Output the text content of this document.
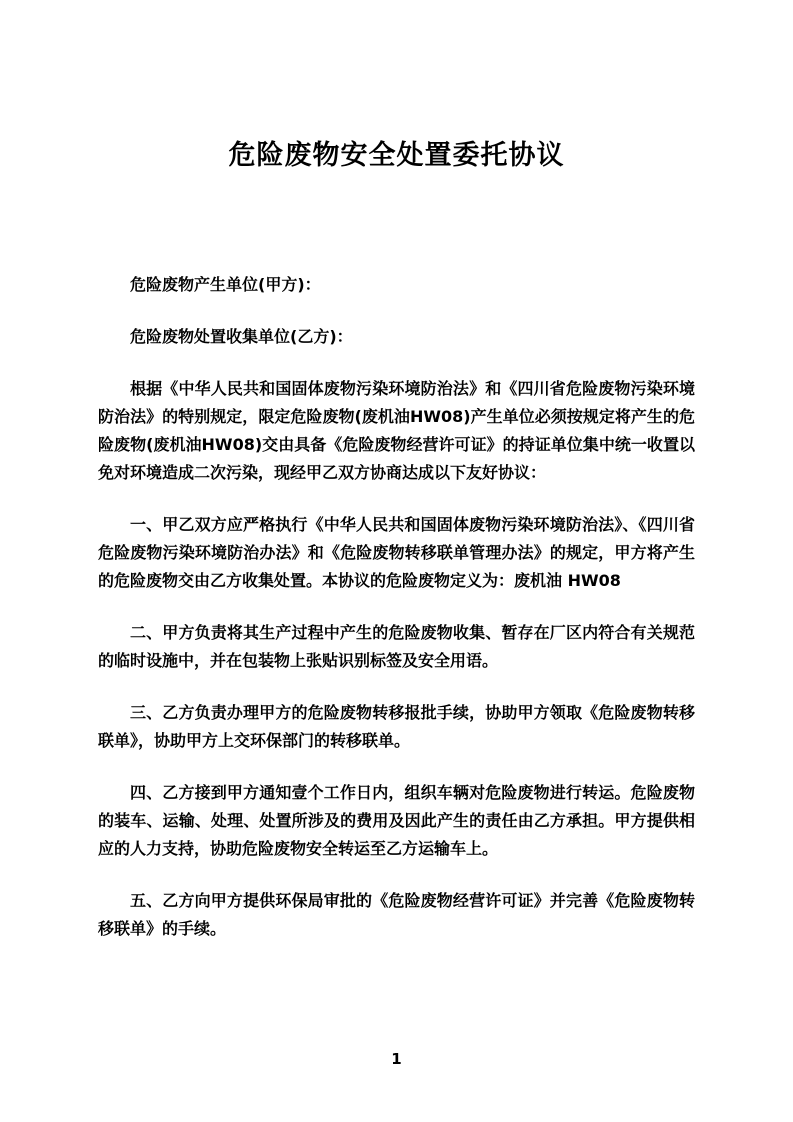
危险废物安全处置委托协议

危险废物产生单位(甲方)：

危险废物处置收集单位(乙方)：

根据《中华人民共和国固体废物污染环境防治法》和《四川省危险废物污染环境防治法》的特别规定，限定危险废物(废机油HW08)产生单位必须按规定将产生的危险废物(废机油HW08)交由具备《危险废物经营许可证》的持证单位集中统一收置以免对环境造成二次污染，现经甲乙双方协商达成以下友好协议：

一、甲乙双方应严格执行《中华人民共和国固体废物污染环境防治法》、《四川省危险废物污染环境防治办法》和《危险废物转移联单管理办法》的规定，甲方将产生的危险废物交由乙方收集处置。本协议的危险废物定义为：废机油 HW08

二、甲方负责将其生产过程中产生的危险废物收集、暂存在厂区内符合有关规范的临时设施中，并在包装物上张贴识别标签及安全用语。

三、乙方负责办理甲方的危险废物转移报批手续，协助甲方领取《危险废物转移联单》，协助甲方上交环保部门的转移联单。

四、乙方接到甲方通知壹个工作日内，组织车辆对危险废物进行转运。危险废物的装车、运输、处理、处置所涉及的费用及因此产生的责任由乙方承担。甲方提供相应的人力支持，协助危险废物安全转运至乙方运输车上。

五、乙方向甲方提供环保局审批的《危险废物经营许可证》并完善《危险废物转移联单》的手续。

1
